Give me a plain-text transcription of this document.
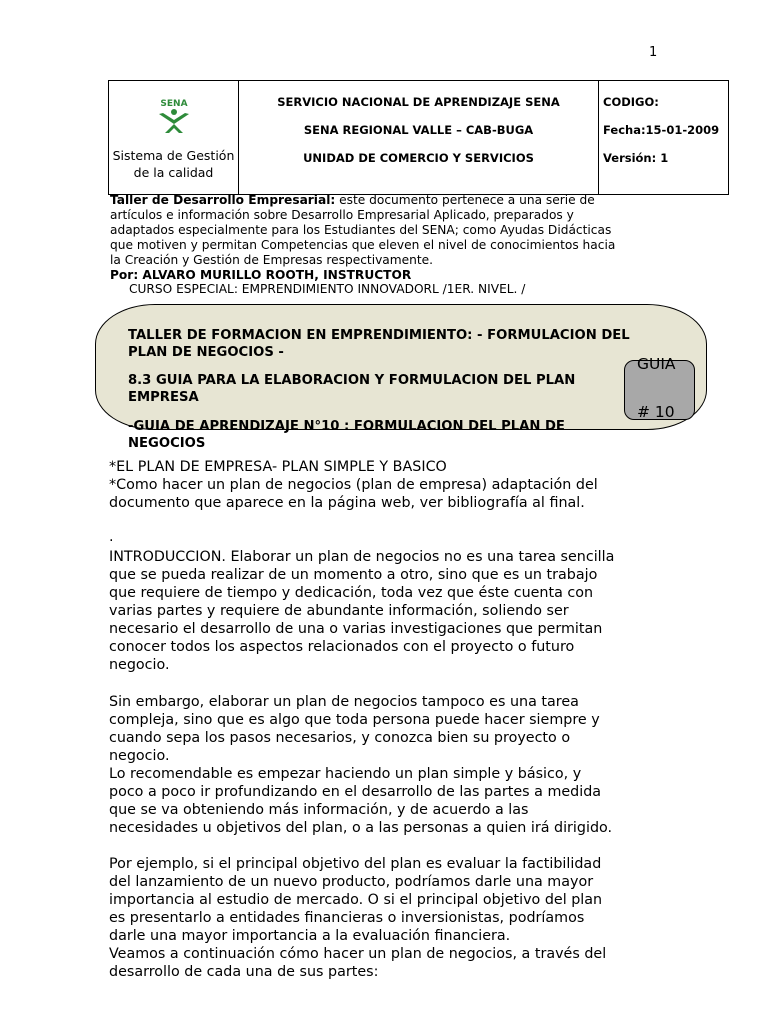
1
SENA
Sistema de Gestión
de la calidad
SERVICIO NACIONAL DE APRENDIZAJE SENA
SENA REGIONAL VALLE – CAB-BUGA
UNIDAD DE COMERCIO Y SERVICIOS
CODIGO:
Fecha:15-01-2009
Versión: 1
Taller de Desarrollo Empresarial: este documento pertenece a una serie de
artículos e información sobre Desarrollo Empresarial Aplicado, preparados y
adaptados especialmente para los Estudiantes del SENA; como Ayudas Didácticas
que motiven y permitan Competencias que eleven el nivel de conocimientos hacia
la Creación y Gestión de Empresas respectivamente.
Por: ALVARO MURILLO ROOTH, INSTRUCTOR
CURSO ESPECIAL: EMPRENDIMIENTO INNOVADORL /1ER. NIVEL. /
TALLER DE FORMACION EN EMPRENDIMIENTO: - FORMULACION DEL
PLAN DE NEGOCIOS -
8.3 GUIA PARA LA ELABORACION Y FORMULACION DEL PLAN
EMPRESA
-GUIA DE APRENDIZAJE N°10 : FORMULACION DEL PLAN DE
NEGOCIOS
GUIA
# 10
*EL PLAN DE EMPRESA- PLAN SIMPLE Y BASICO
*Como hacer un plan de negocios (plan de empresa) adaptación del
documento que aparece en la página web, ver bibliografía al final.
.
INTRODUCCION. Elaborar un plan de negocios no es una tarea sencilla
que se pueda realizar de un momento a otro, sino que es un trabajo
que requiere de tiempo y dedicación, toda vez que éste cuenta con
varias partes y requiere de abundante información, soliendo ser
necesario el desarrollo de una o varias investigaciones que permitan
conocer todos los aspectos relacionados con el proyecto o futuro
negocio.
Sin embargo, elaborar un plan de negocios tampoco es una tarea
compleja, sino que es algo que toda persona puede hacer siempre y
cuando sepa los pasos necesarios, y conozca bien su proyecto o
negocio.
Lo recomendable es empezar haciendo un plan simple y básico, y
poco a poco ir profundizando en el desarrollo de las partes a medida
que se va obteniendo más información, y de acuerdo a las
necesidades u objetivos del plan, o a las personas a quien irá dirigido.
Por ejemplo, si el principal objetivo del plan es evaluar la factibilidad
del lanzamiento de un nuevo producto, podríamos darle una mayor
importancia al estudio de mercado. O si el principal objetivo del plan
es presentarlo a entidades financieras o inversionistas, podríamos
darle una mayor importancia a la evaluación financiera.
Veamos a continuación cómo hacer un plan de negocios, a través del
desarrollo de cada una de sus partes:
